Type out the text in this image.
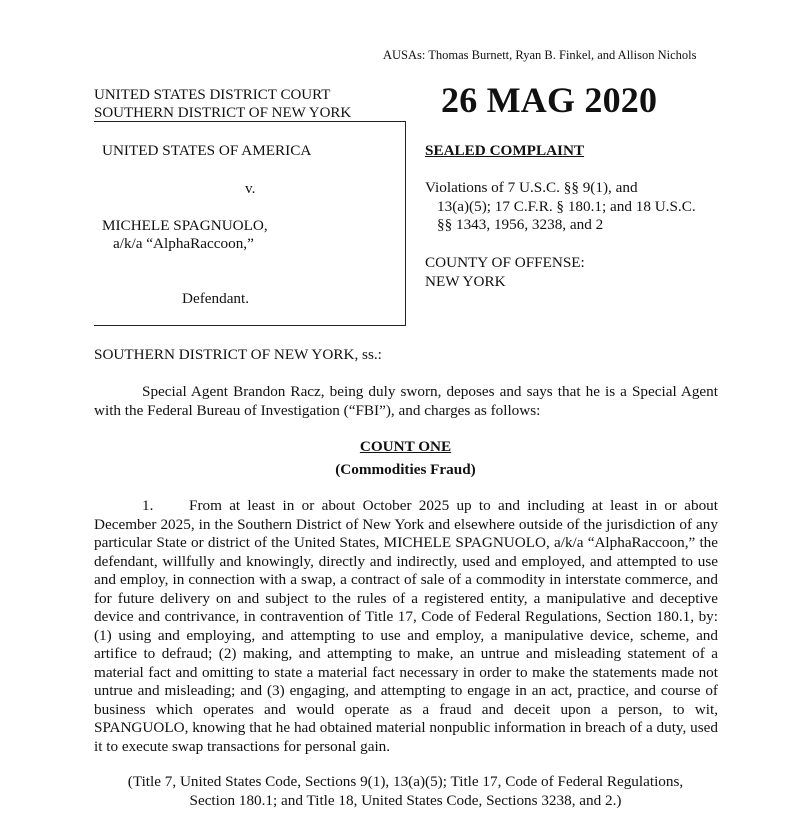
AUSAs: Thomas Burnett, Ryan B. Finkel, and Allison Nichols
UNITED STATES DISTRICT COURT
SOUTHERN DISTRICT OF NEW YORK 26 MAG 2020
UNITED STATES OF AMERICA
v.
MICHELE SPAGNUOLO,
a/k/a “AlphaRaccoon,”
Defendant.
SEALED COMPLAINT
Violations of 7 U.S.C. §§ 9(1), and
13(a)(5); 17 C.F.R. § 180.1; and 18 U.S.C.
§§ 1343, 1956, 3238, and 2
COUNTY OF OFFENSE:
NEW YORK
SOUTHERN DISTRICT OF NEW YORK, ss.:
Special Agent Brandon Racz, being duly sworn, deposes and says that he is a Special Agent with the Federal Bureau of Investigation (“FBI”), and charges as follows:
COUNT ONE
(Commodities Fraud)
1. From at least in or about October 2025 up to and including at least in or about December 2025, in the Southern District of New York and elsewhere outside of the jurisdiction of any particular State or district of the United States, MICHELE SPAGNUOLO, a/k/a “AlphaRaccoon,” the defendant, willfully and knowingly, directly and indirectly, used and employed, and attempted to use and employ, in connection with a swap, a contract of sale of a commodity in interstate commerce, and for future delivery on and subject to the rules of a registered entity, a manipulative and deceptive device and contrivance, in contravention of Title 17, Code of Federal Regulations, Section 180.1, by: (1) using and employing, and attempting to use and employ, a manipulative device, scheme, and artifice to defraud; (2) making, and attempting to make, an untrue and misleading statement of a material fact and omitting to state a material fact necessary in order to make the statements made not untrue and misleading; and (3) engaging, and attempting to engage in an act, practice, and course of business which operates and would operate as a fraud and deceit upon a person, to wit, SPANGUOLO, knowing that he had obtained material nonpublic information in breach of a duty, used it to execute swap transactions for personal gain.
(Title 7, United States Code, Sections 9(1), 13(a)(5); Title 17, Code of Federal Regulations,
Section 180.1; and Title 18, United States Code, Sections 3238, and 2.)
